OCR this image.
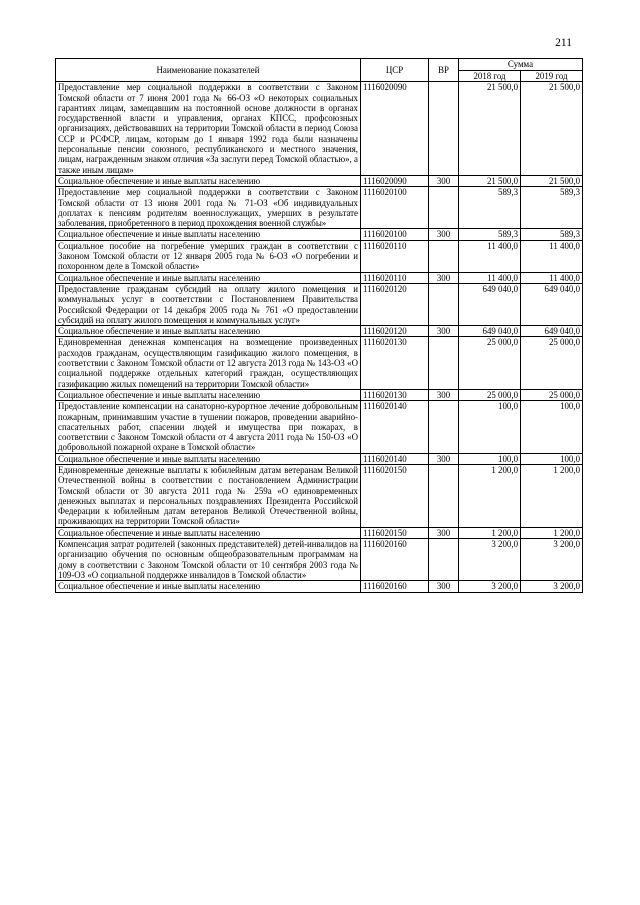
211
Наименование показателей	ЦСР	ВР	Сумма	
			2018 год	2019 год
Предоставление мер социальной поддержки в соответствии с Законом Томской области от 7 июня 2001 года № 66-ОЗ «О некоторых социальных гарантиях лицам, замещавшим на постоянной основе должности в органах государственной власти и управления, органах КПСС, профсоюзных организациях, действовавших на территории Томской области в период Союза ССР и РСФСР, лицам, которым до 1 января 1992 года были назначены персональные пенсии союзного, республиканского и местного значения, лицам, награжденным знаком отличия «За заслуги перед Томской областью», а также иным лицам»	1116020090		21 500,0	21 500,0
Социальное обеспечение и иные выплаты населению	1116020090	300	21 500,0	21 500,0
Предоставление мер социальной поддержки в соответствии с Законом Томской области от 13 июня 2001 года № 71-ОЗ «Об индивидуальных доплатах к пенсиям родителям военнослужащих, умерших в результате заболевания, приобретенного в период прохождения военной службы»	1116020100		589,3	589,3
Социальное обеспечение и иные выплаты населению	1116020100	300	589,3	589,3
Социальное пособие на погребение умерших граждан в соответствии с Законом Томской области от 12 января 2005 года № 6-ОЗ «О погребении и похоронном деле в Томской области»	1116020110		11 400,0	11 400,0
Социальное обеспечение и иные выплаты населению	1116020110	300	11 400,0	11 400,0
Предоставление гражданам субсидий на оплату жилого помещения и коммунальных услуг в соответствии с Постановлением Правительства Российской Федерации от 14 декабря 2005 года № 761 «О предоставлении субсидий на оплату жилого помещения и коммунальных услуг»	1116020120		649 040,0	649 040,0
Социальное обеспечение и иные выплаты населению	1116020120	300	649 040,0	649 040,0
Единовременная денежная компенсация на возмещение произведенных расходов гражданам, осуществляющим газификацию жилого помещения, в соответствии с Законом Томской области от 12 августа 2013 года № 143-ОЗ «О социальной поддержке отдельных категорий граждан, осуществляющих газификацию жилых помещений на территории Томской области»	1116020130		25 000,0	25 000,0
Социальное обеспечение и иные выплаты населению	1116020130	300	25 000,0	25 000,0
Предоставление компенсации на санаторно-курортное лечение добровольным пожарным, принимавшим участие в тушении пожаров, проведении аварийно-спасательных работ, спасении людей и имущества при пожарах, в соответствии с Законом Томской области от 4 августа 2011 года № 150-ОЗ «О добровольной пожарной охране в Томской области»	1116020140		100,0	100,0
Социальное обеспечение и иные выплаты населению	1116020140	300	100,0	100,0
Единовременные денежные выплаты к юбилейным датам ветеранам Великой Отечественной войны в соответствии с постановлением Администрации Томской области от 30 августа 2011 года № 259а «О единовременных денежных выплатах и персональных поздравлениях Президента Российской Федерации к юбилейным датам ветеранов Великой Отечественной войны, проживающих на территории Томской области»	1116020150		1 200,0	1 200,0
Социальное обеспечение и иные выплаты населению	1116020150	300	1 200,0	1 200,0
Компенсация затрат родителей (законных представителей) детей-инвалидов на организацию обучения по основным общеобразовательным программам на дому в соответствии с Законом Томской области от 10 сентября 2003 года № 109-ОЗ «О социальной поддержке инвалидов в Томской области»	1116020160		3 200,0	3 200,0
Социальное обеспечение и иные выплаты населению	1116020160	300	3 200,0	3 200,0
